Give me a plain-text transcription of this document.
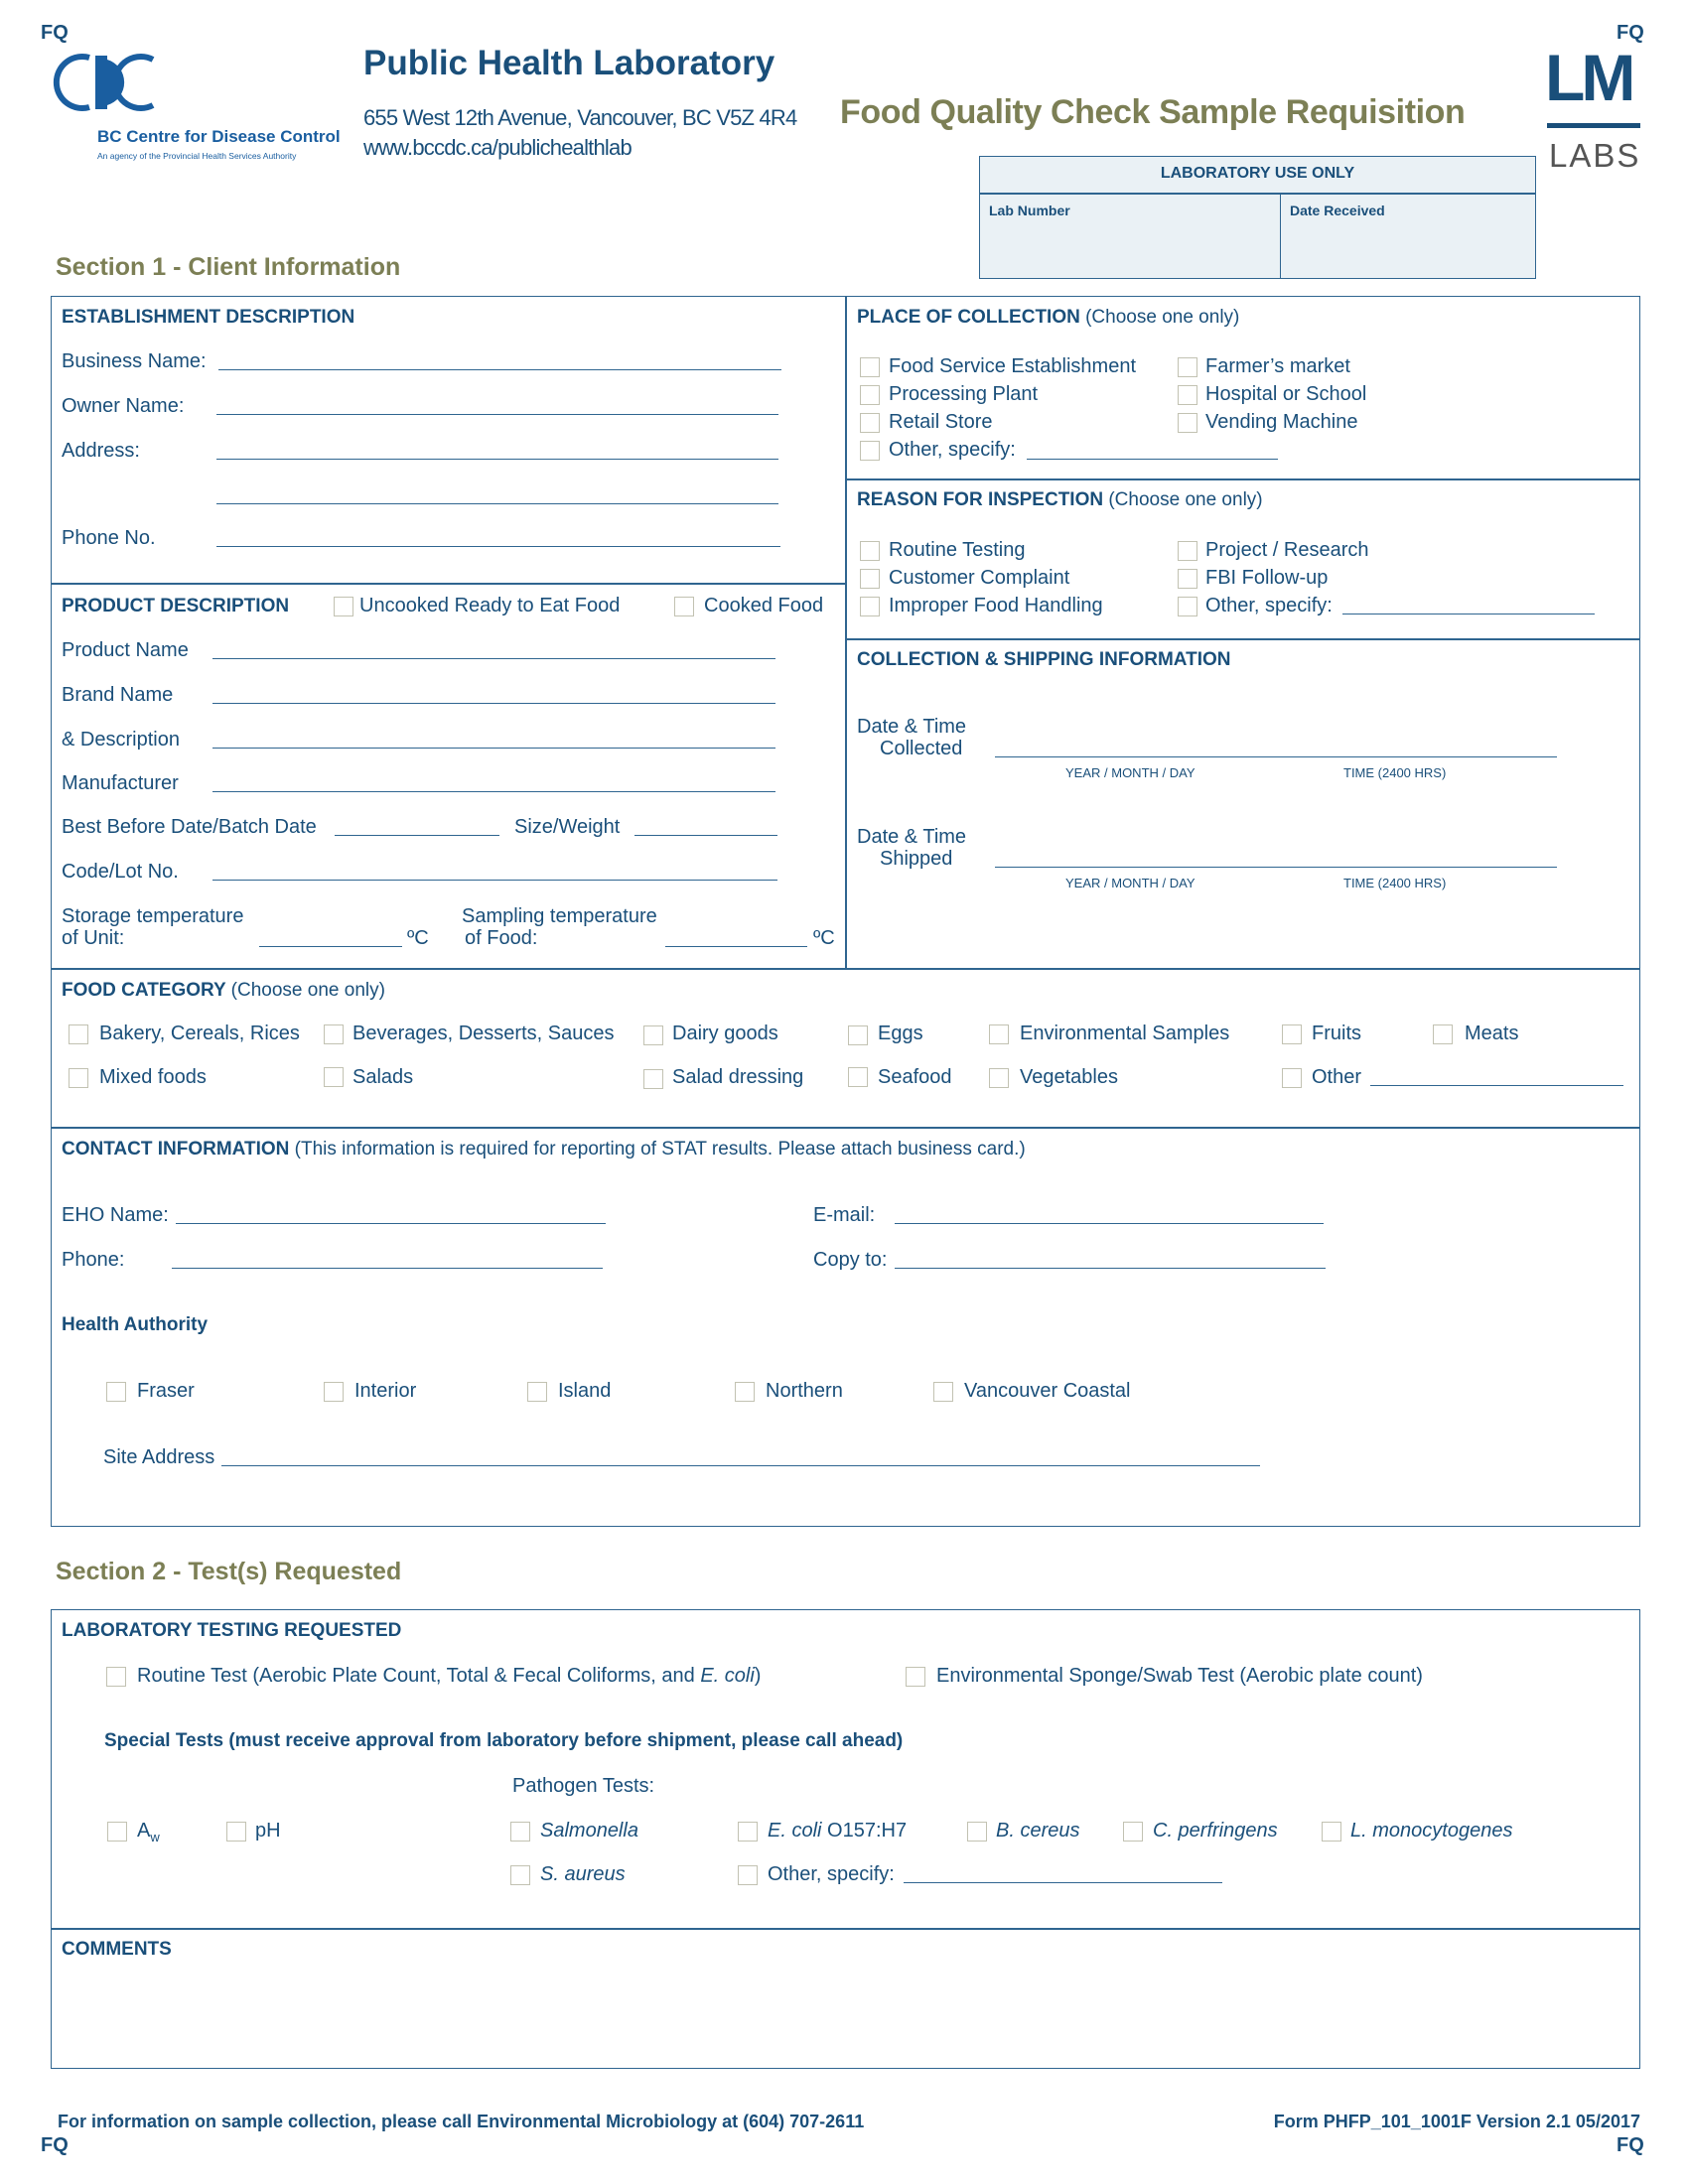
FQ	FQ
FQ	FQ
BC Centre for Disease Control
An agency of the Provincial Health Services Authority
Public Health Laboratory
655 West 12th Avenue, Vancouver, BC V5Z 4R4
www.bccdc.ca/publichealthlab
Food Quality Check Sample Requisition LM
LABS
LABORATORY USE ONLY
Lab Number	Date Received
Section 1 - Client Information
ESTABLISHMENT DESCRIPTION
Business Name:
Owner Name:
Address:
Phone No.
PRODUCT DESCRIPTION	Uncooked Ready to Eat Food	Cooked Food
Product Name
Brand Name
& Description
Manufacturer
Best Before Date/Batch Date	Size/Weight
Code/Lot No.
Storage temperature
of Unit:	ºC
Sampling temperature
of Food:	ºC
PLACE OF COLLECTION (Choose one only)
Food Service Establishment
Processing Plant
Retail Store
Other, specify:
Farmer’s market
Hospital or School
Vending Machine
REASON FOR INSPECTION (Choose one only)
Routine Testing
Customer Complaint
Improper Food Handling
Project / Research
FBI Follow-up
Other, specify:
COLLECTION & SHIPPING INFORMATION
Date & Time
Collected
YEAR / MONTH / DAY	TIME (2400 HRS)
Date & Time
Shipped
YEAR / MONTH / DAY	TIME (2400 HRS)
FOOD CATEGORY (Choose one only)
Bakery, Cereals, Rices	Beverages, Desserts, Sauces	Dairy goods	Eggs	Environmental Samples	Fruits	Meats
Mixed foods	Salads	Salad dressing	Seafood	Vegetables	Other
CONTACT INFORMATION (This information is required for reporting of STAT results. Please attach business card.)
EHO Name:	E-mail:
Phone:	Copy to:
Health Authority
Fraser	Interior	Island	Northern	Vancouver Coastal
Site Address
Section 2 - Test(s) Requested
LABORATORY TESTING REQUESTED
Routine Test (Aerobic Plate Count, Total & Fecal Coliforms, and E. coli)	Environmental Sponge/Swab Test (Aerobic plate count)
Special Tests (must receive approval from laboratory before shipment, please call ahead)
Pathogen Tests:
$A_w$	pH	Salmonella	E. coli O157:H7	B. cereus	C. perfringens	L. monocytogenes
S. aureus	Other, specify:
COMMENTS
For information on sample collection, please call Environmental Microbiology at (604) 707-2611	Form PHFP_101_1001F Version 2.1 05/2017
